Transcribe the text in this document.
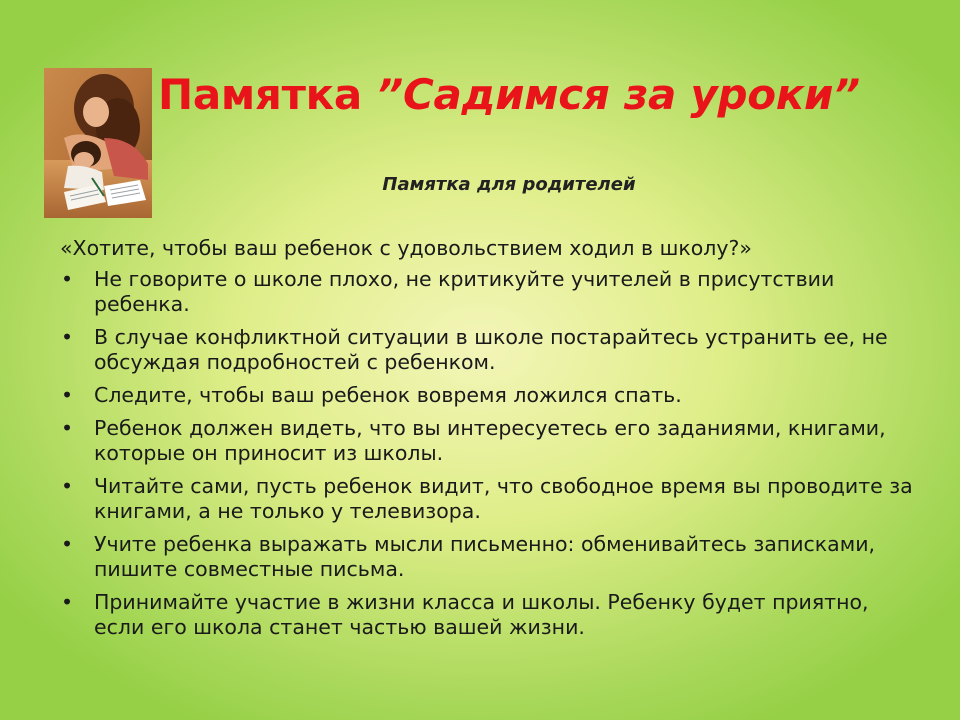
Памятка ”Садимся за уроки”
Памятка для родителей

«Хотите, чтобы ваш ребенок с удовольствием ходил в школу?»

• Не говорите о школе плохо, не критикуйте учителей в присутствии ребенка.
• В случае конфликтной ситуации в школе постарайтесь устранить ее, не обсуждая подробностей с ребенком.
• Следите, чтобы ваш ребенок вовремя ложился спать.
• Ребенок должен видеть, что вы интересуетесь его заданиями, книгами, которые он приносит из школы.
• Читайте сами, пусть ребенок видит, что свободное время вы проводите за книгами, а не только у телевизора.
• Учите ребенка выражать мысли письменно: обменивайтесь записками, пишите совместные письма.
• Принимайте участие в жизни класса и школы. Ребенку будет приятно, если его школа станет частью вашей жизни.
